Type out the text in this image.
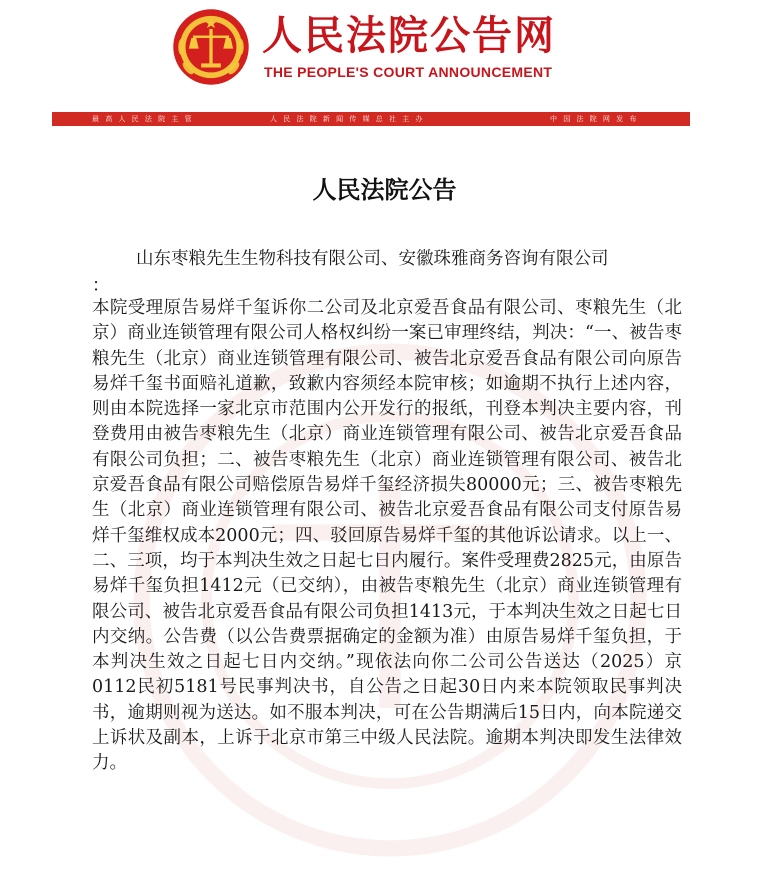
人民法院公告网
THE PEOPLE'S COURT ANNOUNCEMENT
最 高 人 民 法 院 主 管	人 民 法 院 新 闻 传 媒 总 社 主 办	中 国 法 院 网 发 布
人民法院公告
山东枣粮先生生物科技有限公司、安徽珠雅商务咨询有限公司
：

本院受理原告易烊千玺诉你二公司及北京爱吾食品有限公司、枣粮先生（北京）商业连锁管理有限公司人格权纠纷一案已审理终结，判决：“一、被告枣粮先生（北京）商业连锁管理有限公司、被告北京爱吾食品有限公司向原告易烊千玺书面赔礼道歉，致歉内容须经本院审核；如逾期不执行上述内容，则由本院选择一家北京市范围内公开发行的报纸，刊登本判决主要内容，刊登费用由被告枣粮先生（北京）商业连锁管理有限公司、被告北京爱吾食品有限公司负担；二、被告枣粮先生（北京）商业连锁管理有限公司、被告北京爱吾食品有限公司赔偿原告易烊千玺经济损失80000元；三、被告枣粮先生（北京）商业连锁管理有限公司、被告北京爱吾食品有限公司支付原告易烊千玺维权成本2000元；四、驳回原告易烊千玺的其他诉讼请求。以上一、二、三项，均于本判决生效之日起七日内履行。案件受理费2825元，由原告易烊千玺负担1412元（已交纳），由被告枣粮先生（北京）商业连锁管理有限公司、被告北京爱吾食品有限公司负担1413元，于本判决生效之日起七日内交纳。公告费（以公告费票据确定的金额为准）由原告易烊千玺负担，于本判决生效之日起七日内交纳。”现依法向你二公司公告送达（2025）京0112民初5181号民事判决书，自公告之日起30日内来本院领取民事判决书，逾期则视为送达。如不服本判决，可在公告期满后15日内，向本院递交上诉状及副本，上诉于北京市第三中级人民法院。逾期本判决即发生法律效力。
